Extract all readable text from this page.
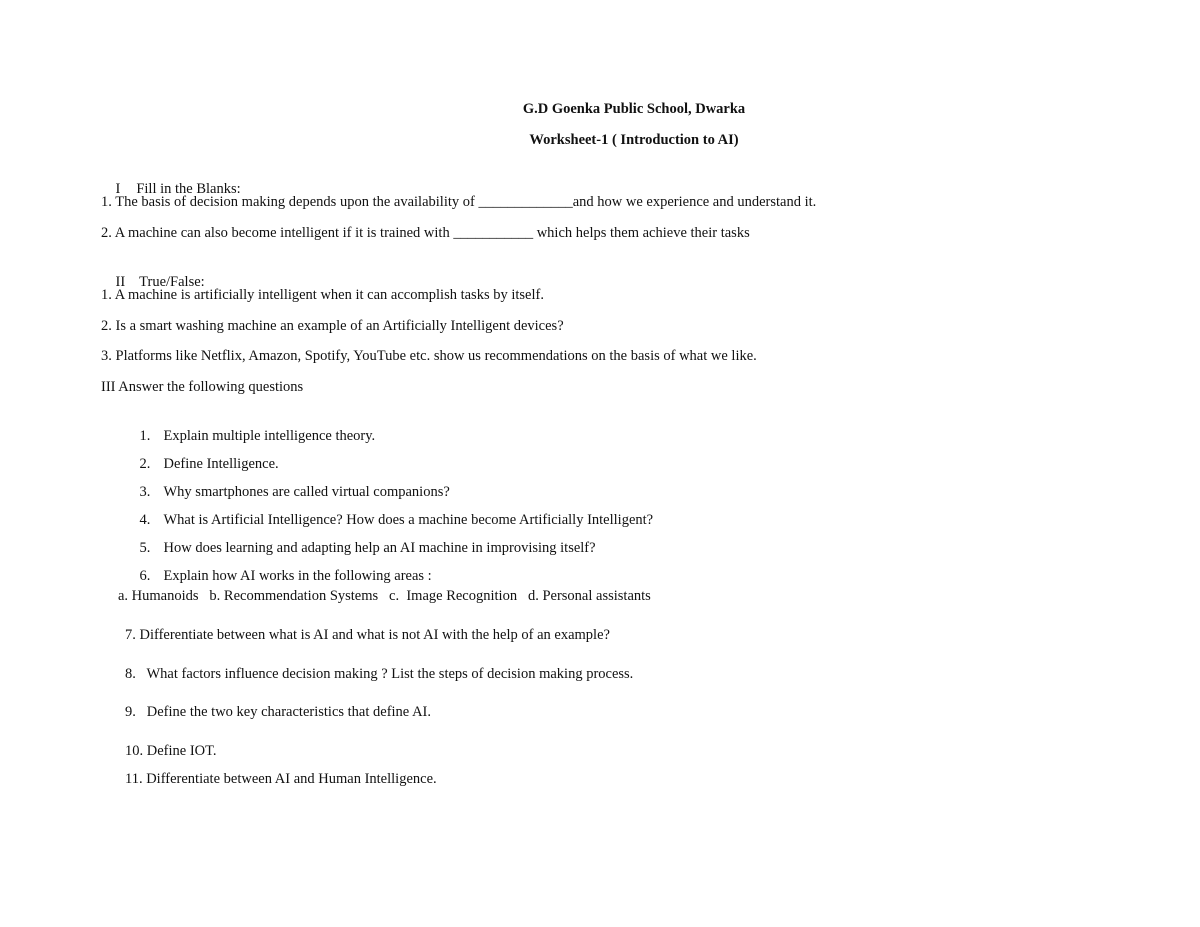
G.D Goenka Public School, Dwarka
Worksheet-1 ( Introduction to AI)

I Fill in the Blanks:

1. The basis of decision making depends upon the availability of _____________and how we experience and understand it.
2. A machine can also become intelligent if it is trained with ___________ which helps them achieve their tasks

II True/False:

1. A machine is artificially intelligent when it can accomplish tasks by itself.
2. Is a smart washing machine an example of an Artificially Intelligent devices?
3. Platforms like Netflix, Amazon, Spotify, YouTube etc. show us recommendations on the basis of what we like.
III Answer the following questions

1. Explain multiple intelligence theory.

2. Define Intelligence.

3. Why smartphones are called virtual companions?

4. What is Artificial Intelligence? How does a machine become Artificially Intelligent?

5. How does learning and adapting help an AI machine in improvising itself?

6. Explain how AI works in the following areas :

a. Humanoids   b. Recommendation Systems   c.  Image Recognition   d. Personal assistants
7. Differentiate between what is AI and what is not AI with the help of an example?
8.   What factors influence decision making ? List the steps of decision making process.
9.   Define the two key characteristics that define AI.
10. Define IOT.
11. Differentiate between AI and Human Intelligence.
